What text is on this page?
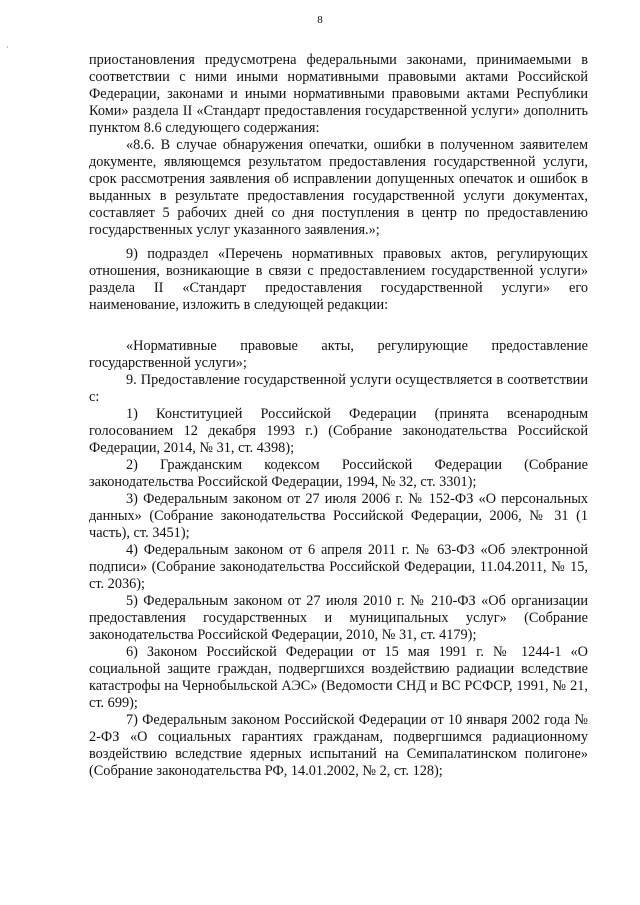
8
·

приостановления предусмотрена федеральными законами, принимаемыми в соответствии с ними иными нормативными правовыми актами Российской Федерации, законами и иными нормативными правовыми актами Республики Коми» раздела II «Стандарт предоставления государственной услуги» дополнить пунктом 8.6 следующего содержания:

«8.6. В случае обнаружения опечатки, ошибки в полученном заявителем документе, являющемся результатом предоставления государственной услуги, срок рассмотрения заявления об исправлении допущенных опечаток и ошибок в выданных в результате предоставления государственной услуги документах, составляет 5 рабочих дней со дня поступления в центр по предоставлению государственных услуг указанного заявления.»;

9) подраздел «Перечень нормативных правовых актов, регулирующих отношения, возникающие в связи с предоставлением государственной услуги» раздела II «Стандарт предоставления государственной услуги» его наименование, изложить в следующей редакции:

«Нормативные правовые акты, регулирующие предоставление государственной услуги»;

9. Предоставление государственной услуги осуществляется в соответствии с:

1) Конституцией Российской Федерации (принята всенародным голосованием 12 декабря 1993 г.) (Собрание законодательства Российской Федерации, 2014, № 31, ст. 4398);

2) Гражданским кодексом Российской Федерации (Собрание законодательства Российской Федерации, 1994, № 32, ст. 3301);

3) Федеральным законом от 27 июля 2006 г. № 152-ФЗ «О персональных данных» (Собрание законодательства Российской Федерации, 2006, № 31 (1 часть), ст. 3451);

4) Федеральным законом от 6 апреля 2011 г. № 63-ФЗ «Об электронной подписи» (Собрание законодательства Российской Федерации, 11.04.2011, № 15, ст. 2036);

5) Федеральным законом от 27 июля 2010 г. № 210-ФЗ «Об организации предоставления государственных и муниципальных услуг» (Собрание законодательства Российской Федерации, 2010, № 31, ст. 4179);

6) Законом Российской Федерации от 15 мая 1991 г. № 1244-1 «О социальной защите граждан, подвергшихся воздействию радиации вследствие катастрофы на Чернобыльской АЭС» (Ведомости СНД и ВС РСФСР, 1991, № 21, ст. 699);

7) Федеральным законом Российской Федерации от 10 января 2002 года № 2-ФЗ «О социальных гарантиях гражданам, подвергшимся радиационному воздействию вследствие ядерных испытаний на Семипалатинском полигоне» (Собрание законодательства РФ, 14.01.2002, № 2, ст. 128);
